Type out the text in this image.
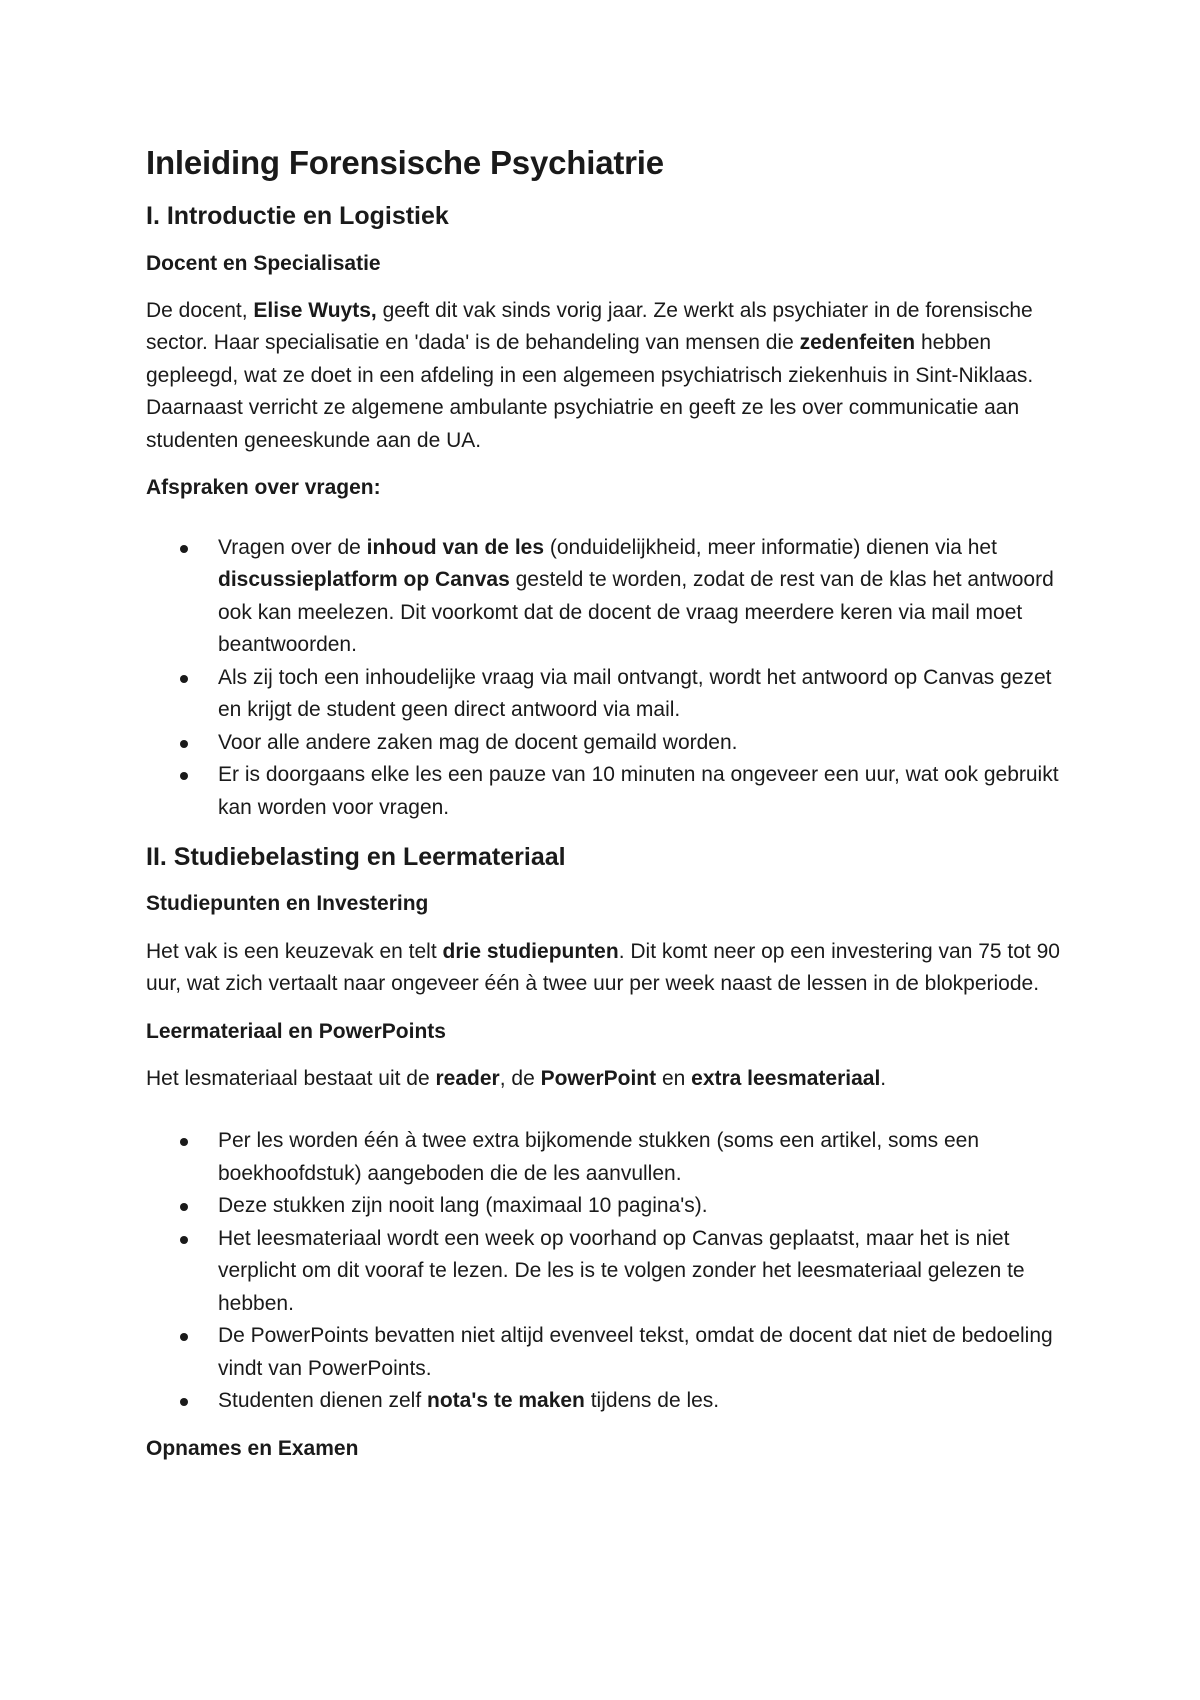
Inleiding Forensische Psychiatrie
I. Introductie en Logistiek
Docent en Specialisatie

De docent, Elise Wuyts, geeft dit vak sinds vorig jaar. Ze werkt als psychiater in de forensische sector. Haar specialisatie en 'dada' is de behandeling van mensen die zedenfeiten hebben gepleegd, wat ze doet in een afdeling in een algemeen psychiatrisch ziekenhuis in Sint-Niklaas. Daarnaast verricht ze algemene ambulante psychiatrie en geeft ze les over communicatie aan studenten geneeskunde aan de UA.

Afspraken over vragen:
Vragen over de inhoud van de les (onduidelijkheid, meer informatie) dienen via het discussieplatform op Canvas gesteld te worden, zodat de rest van de klas het antwoord ook kan meelezen. Dit voorkomt dat de docent de vraag meerdere keren via mail moet beantwoorden.
Als zij toch een inhoudelijke vraag via mail ontvangt, wordt het antwoord op Canvas gezet en krijgt de student geen direct antwoord via mail.
Voor alle andere zaken mag de docent gemaild worden.
Er is doorgaans elke les een pauze van 10 minuten na ongeveer een uur, wat ook gebruikt kan worden voor vragen.
II. Studiebelasting en Leermateriaal
Studiepunten en Investering

Het vak is een keuzevak en telt drie studiepunten. Dit komt neer op een investering van 75 tot 90 uur, wat zich vertaalt naar ongeveer één à twee uur per week naast de lessen in de blokperiode.

Leermateriaal en PowerPoints

Het lesmateriaal bestaat uit de reader, de PowerPoint en extra leesmateriaal.

Per les worden één à twee extra bijkomende stukken (soms een artikel, soms een boekhoofdstuk) aangeboden die de les aanvullen.
Deze stukken zijn nooit lang (maximaal 10 pagina's).
Het leesmateriaal wordt een week op voorhand op Canvas geplaatst, maar het is niet verplicht om dit vooraf te lezen. De les is te volgen zonder het leesmateriaal gelezen te hebben.
De PowerPoints bevatten niet altijd evenveel tekst, omdat de docent dat niet de bedoeling vindt van PowerPoints.
Studenten dienen zelf nota's te maken tijdens de les.
Opnames en Examen
